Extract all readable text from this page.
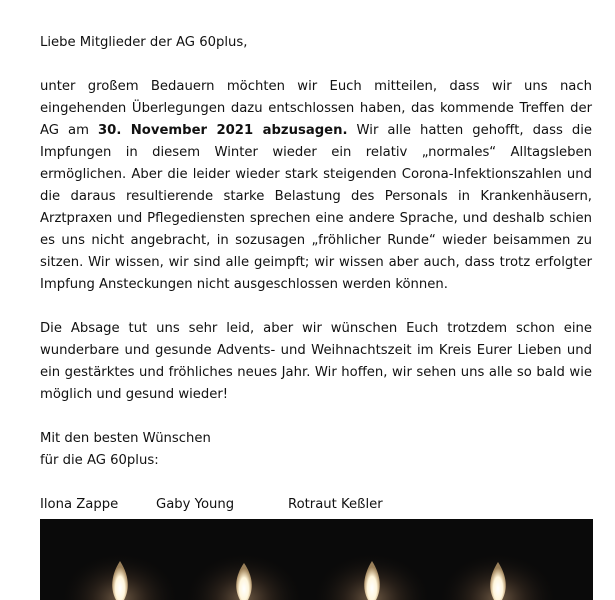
Liebe Mitglieder der AG 60plus,

unter großem Bedauern möchten wir Euch mitteilen, dass wir uns nach eingehenden Überlegungen dazu entschlossen haben, das kommende Treffen der AG am 30. November 2021 abzusagen. Wir alle hatten gehofft, dass die Impfungen in diesem Winter wieder ein relativ „normales“ Alltagsleben ermöglichen. Aber die leider wieder stark steigenden Corona-Infektionszahlen und die daraus resultierende starke Belastung des Personals in Krankenhäusern, Arztpraxen und Pflegediensten sprechen eine andere Sprache, und deshalb schien es uns nicht angebracht, in sozusagen „fröhlicher Runde“ wieder beisammen zu sitzen. Wir wissen, wir sind alle geimpft; wir wissen aber auch, dass trotz erfolgter Impfung Ansteckungen nicht ausgeschlossen werden können.

Die Absage tut uns sehr leid, aber wir wünschen Euch trotzdem schon eine wunderbare und gesunde Advents- und Weihnachtszeit im Kreis Eurer Lieben und ein gestärktes und fröhliches neues Jahr. Wir hoffen, wir sehen uns alle so bald wie möglich und gesund wieder!

Mit den besten Wünschen
für die AG 60plus:

Ilona Zappe	Gaby Young	Rotraut Keßler
